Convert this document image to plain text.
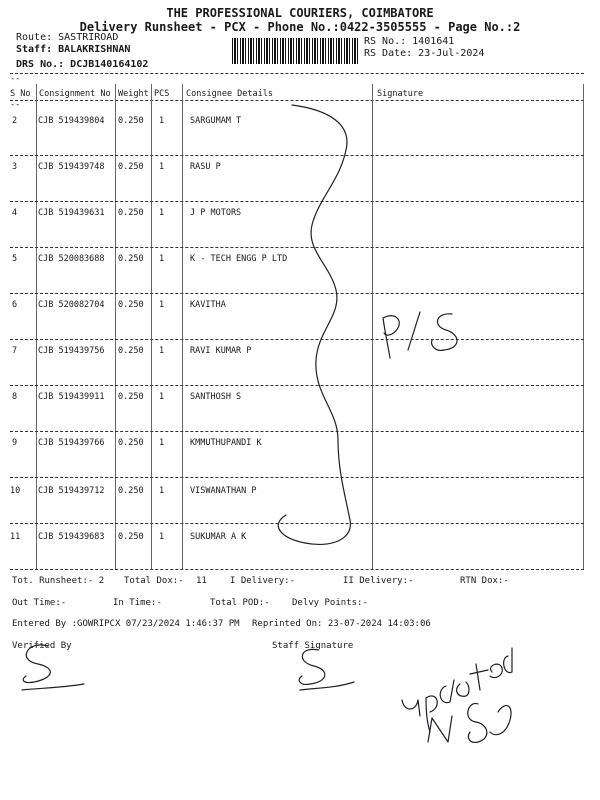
THE PROFESSIONAL COURIERS, COIMBATORE
Delivery Runsheet - PCX - Phone No.:0422-3505555 - Page No.:2
Route: SASTRIROAD
Staff: BALAKRISHNAN
DRS No.: DCJB140164102
RS No.: 1401641
RS Date: 23-Jul-2024
--
S No Consignment No Weight PCS Consignee Details	Signature
--
2 CJB 519439804 0.250 1	SARGUMAM T
3 CJB 519439748 0.250 1	RASU P
4 CJB 519439631 0.250 1	J P MOTORS
5 CJB 520083688 0.250 1	K - TECH ENGG P LTD
6 CJB 520082704 0.250 1	KAVITHA
7 CJB 519439756 0.250 1	RAVI KUMAR P
8 CJB 519439911 0.250 1	SANTHOSH S
9 CJB 519439766 0.250 1	KMMUTHUPANDI K
10 CJB 519439712 0.250 1	VISWANATHAN P
11 CJB 519439683 0.250 1	SUKUMAR A K
Tot. Runsheet:- 2 Total Dox:- 11	I Delivery:-	II Delivery:-	RTN Dox:-
Out Time:-	In Time:-	Total POD:- Delvy Points:-
Entered By :GOWRIPCX 07/23/2024 1:46:37 PM Reprinted On: 23-07-2024 14:03:06
Verified By	Staff Signature
p/s
updated
